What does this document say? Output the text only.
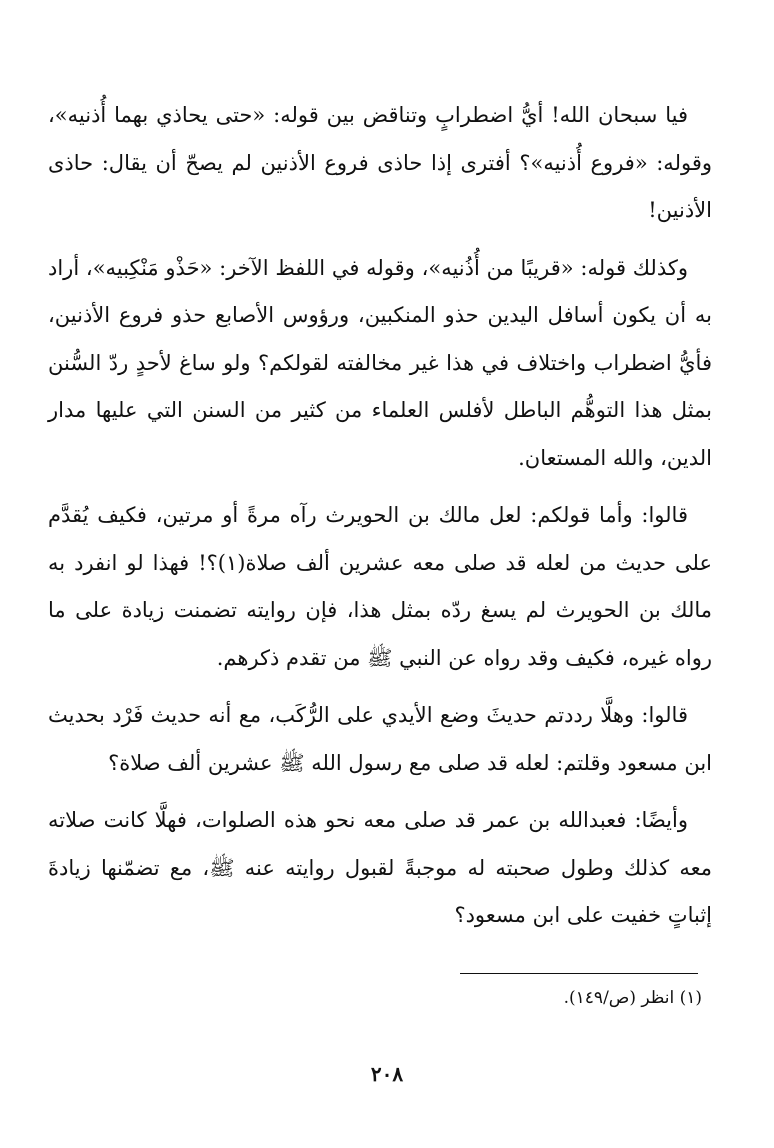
فيا سبحان الله! أيُّ اضطرابٍ وتناقض بين قوله: «حتى يحاذي بهما أُذنيه»، وقوله: «فروع أُذنيه»؟ أفترى إذا حاذى فروع الأذنين لم يصحّ أن يقال: حاذى الأذنين!

وكذلك قوله: «قريبًا من أُذُنيه»، وقوله في اللفظ الآخر: «حَذْو مَنْكِبيه»، أراد به أن يكون أسافل اليدين حذو المنكبين، ورؤوس الأصابع حذو فروع الأذنين، فأيُّ اضطراب واختلاف في هذا غير مخالفته لقولكم؟ ولو ساغ لأحدٍ ردّ السُّنن بمثل هذا التوهُّم الباطل لأفلس العلماء من كثير من السنن التي عليها مدار الدين، والله المستعان.

قالوا: وأما قولكم: لعل مالك بن الحويرث رآه مرةً أو مرتين، فكيف يُقدَّم على حديث من لعله قد صلى معه عشرين ألف صلاة(١)؟! فهذا لو انفرد به مالك بن الحويرث لم يسغ ردّه بمثل هذا، فإن روايته تضمنت زيادة على ما رواه غيره، فكيف وقد رواه عن النبي ﷺ من تقدم ذكرهم.

قالوا: وهلَّا رددتم حديثَ وضع الأيدي على الرُّكَب، مع أنه حديث فَرْد بحديث ابن مسعود وقلتم: لعله قد صلى مع رسول الله ﷺ عشرين ألف صلاة؟

وأيضًا: فعبدالله بن عمر قد صلى معه نحو هذه الصلوات، فهلَّا كانت صلاته معه كذلك وطول صحبته له موجبةً لقبول روايته عنه ﷺ، مع تضمّنها زيادةَ إثباتٍ خفيت على ابن مسعود؟

(١) انظر (ص/١٤٩).
٢٠٨
